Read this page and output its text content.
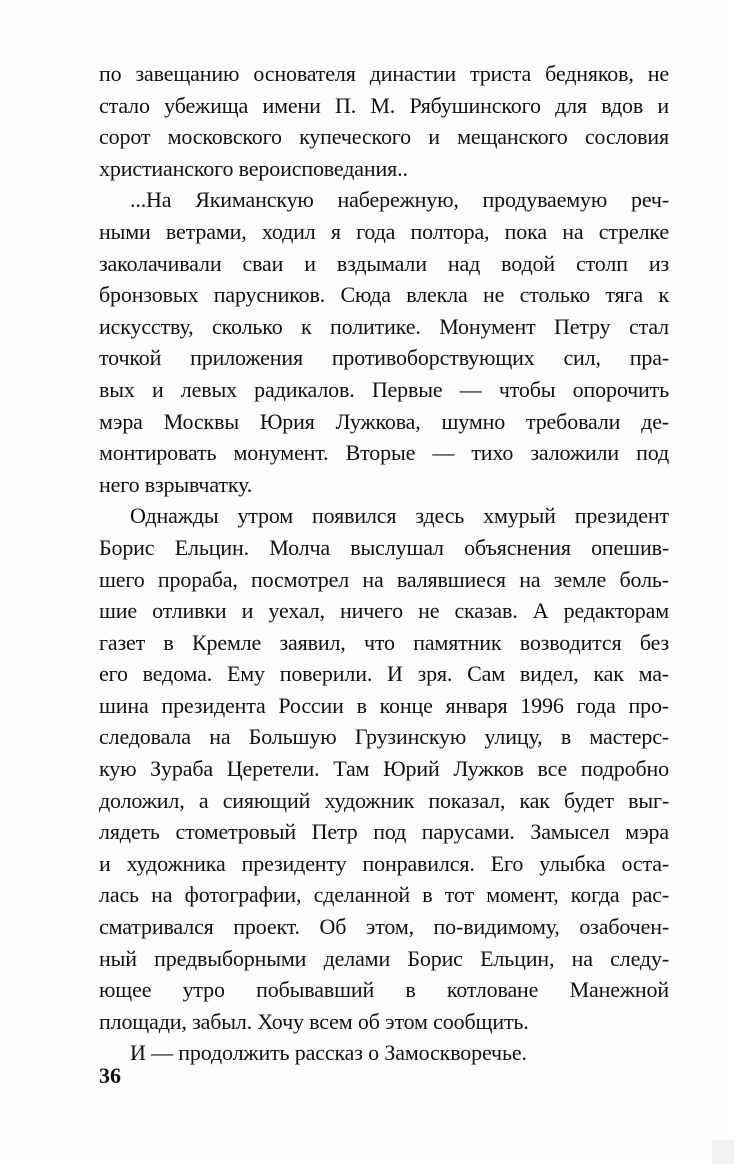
по завещанию основателя династии триста бедняков, не
стало убежища имени П. М. Рябушинского для вдов и
сорот московского купеческого и мещанского сословия
христианского вероисповедания..
...На Якиманскую набережную, продуваемую реч-
ными ветрами, ходил я года полтора, пока на стрелке
заколачивали сваи и вздымали над водой столп из
бронзовых парусников. Сюда влекла не столько тяга к
искусству, сколько к политике. Монумент Петру стал
точкой приложения противоборствующих сил, пра-
вых и левых радикалов. Первые — чтобы опорочить
мэра Москвы Юрия Лужкова, шумно требовали де-
монтировать монумент. Вторые — тихо заложили под
него взрывчатку.
Однажды утром появился здесь хмурый президент
Борис Ельцин. Молча выслушал объяснения опешив-
шего прораба, посмотрел на валявшиеся на земле боль-
шие отливки и уехал, ничего не сказав. А редакторам
газет в Кремле заявил, что памятник возводится без
его ведома. Ему поверили. И зря. Сам видел, как ма-
шина президента России в конце января 1996 года про-
следовала на Большую Грузинскую улицу, в мастерс-
кую Зураба Церетели. Там Юрий Лужков все подробно
доложил, а сияющий художник показал, как будет выг-
лядеть стометровый Петр под парусами. Замысел мэра
и художника президенту понравился. Его улыбка оста-
лась на фотографии, сделанной в тот момент, когда рас-
сматривался проект. Об этом, по-видимому, озабочен-
ный предвыборными делами Борис Ельцин, на следу-
ющее утро побывавший в котловане Манежной
площади, забыл. Хочу всем об этом сообщить.
И — продолжить рассказ о Замоскворечье.
36
